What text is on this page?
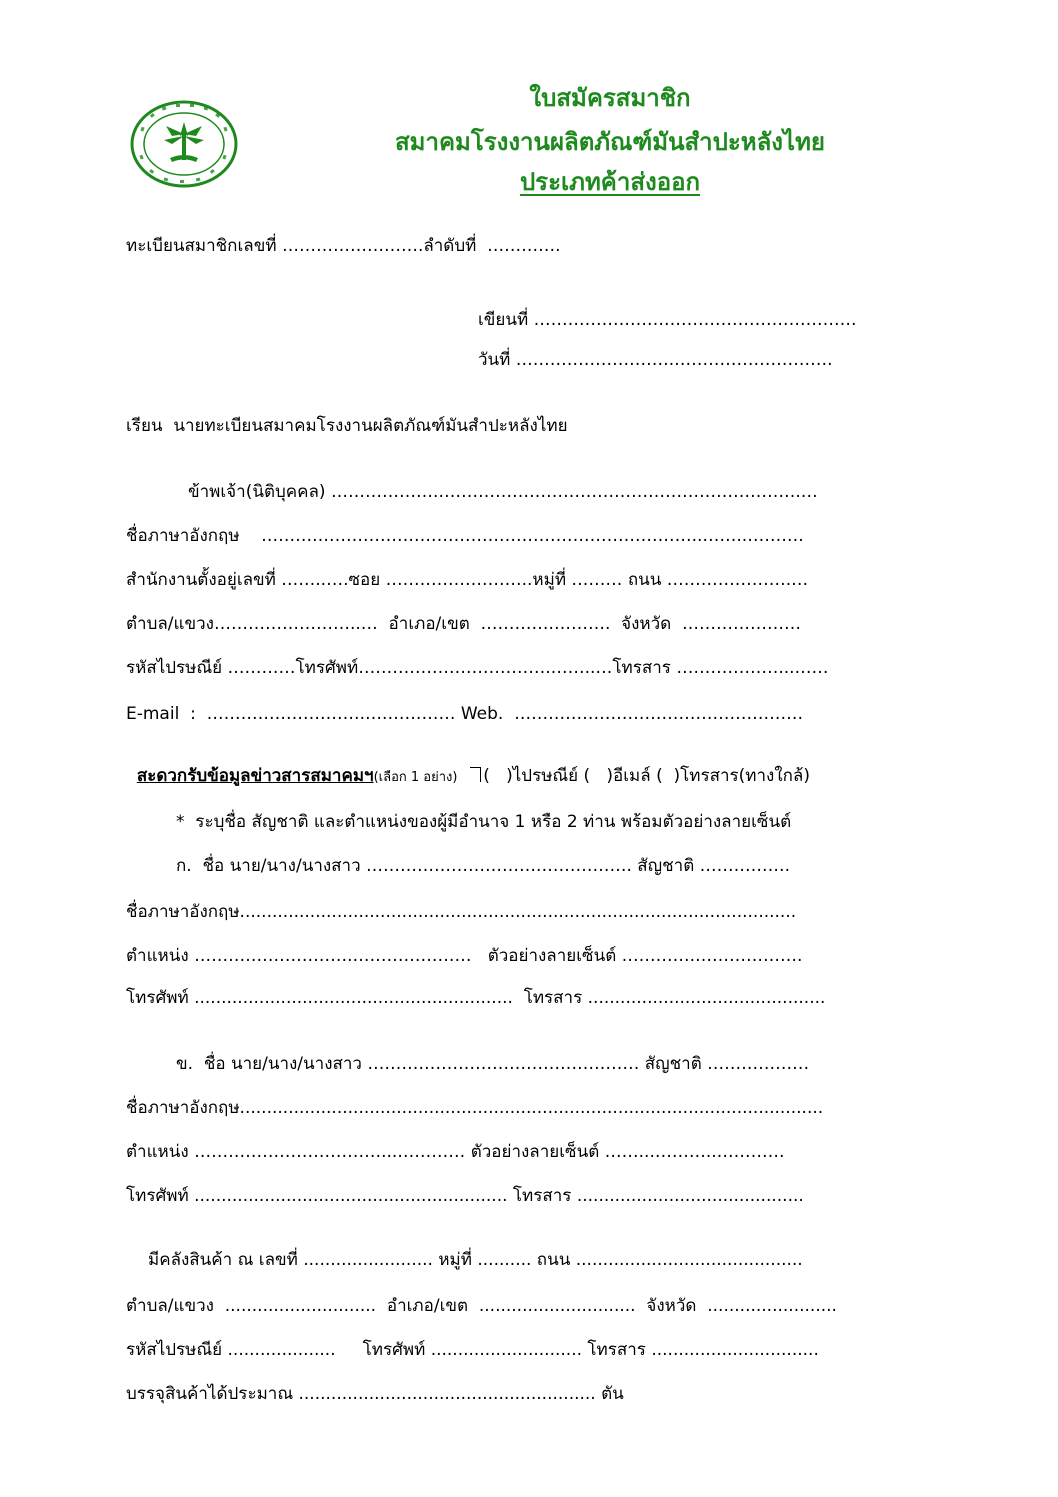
ใบสมัครสมาชิก
สมาคมโรงงานผลิตภัณฑ์มันสำปะหลังไทย
ประเภทค้าส่งออก
ทะเบียนสมาชิกเลขที่ …………………….ลำดับที่  ………….
เขียนที่ …………………………………………………
วันที่ ……………………….……………………….
เรียน  นายทะเบียนสมาคมโรงงานผลิตภัณฑ์มันสำปะหลังไทย
ข้าพเจ้า(นิติบุคคล) ……………….……………………………………………………….…
ชื่อภาษาอังกฤษ    ……….…………………………………………………………..……..……….
สำนักงานตั้งอยู่เลขที่ ……..….ซอย ……………………..หมู่ที่ ……… ถนน ………………….…
ตำบล/แขวง……………………..…  อำเภอ/เขต  ………….……….  จังหวัด  …………………
รหัสไปรษณีย์ …………โทรศัพท์…………………………….……..…โทรสาร ………………...……
E-mail  :  ……………………….….………… Web.  ……………………………………………

สะดวกรับข้อมูลข่าวสารสมาคมฯ(เลือก 1 อย่าง) (   )ไปรษณีย์ (   )อีเมล์ (  )โทรสาร(ทางใกล้)

*  ระบุชื่อ สัญชาติ และตำแหน่งของผู้มีอำนาจ 1 หรือ 2 ท่าน พร้อมตัวอย่างลายเซ็นต์
ก.  ชื่อ นาย/นาง/นางสาว ………………………….……………. สัญชาติ …………….
ชื่อภาษาอังกฤษ.......................................................................................................
ตำแหน่ง ……………………….…………………   ตัวอย่างลายเซ็นต์ ………….……………….
โทรศัพท์ ...........................................................  โทรสาร ............................................
ข.  ชื่อ นาย/นาง/นางสาว ………………………………………… สัญชาติ ………………
ชื่อภาษาอังกฤษ............................................................................................................
ตำแหน่ง ……………………………...………… ตัวอย่างลายเซ็นต์ ……...………..…………
โทรศัพท์ .......................................................... โทรสาร ..........................................
มีคลังสินค้า ณ เลขที่ ........................ หมู่ที่ .......... ถนน ..........................................
ตำบล/แขวง  ............................  อำเภอ/เขต  .............................  จังหวัด  ........................
รหัสไปรษณีย์ ....................     โทรศัพท์ ............................ โทรสาร ...............................
บรรจุสินค้าได้ประมาณ ....................................................... ตัน
